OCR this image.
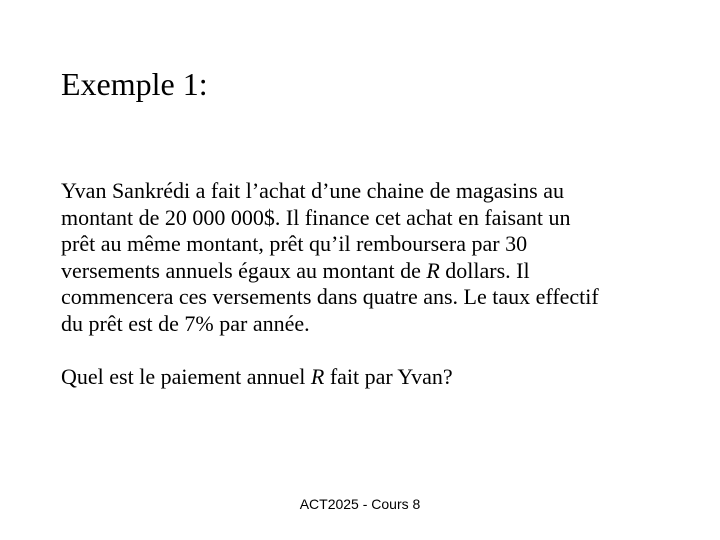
Exemple 1:
Yvan Sankrédi a fait l’achat d’une chaine de magasins au
montant de 20 000 000$. Il finance cet achat en faisant un
prêt au même montant, prêt qu’il remboursera par 30
versements annuels égaux au montant de R dollars. Il
commencera ces versements dans quatre ans. Le taux effectif
du prêt est de 7% par année.
Quel est le paiement annuel R fait par Yvan?
ACT2025 - Cours 8
